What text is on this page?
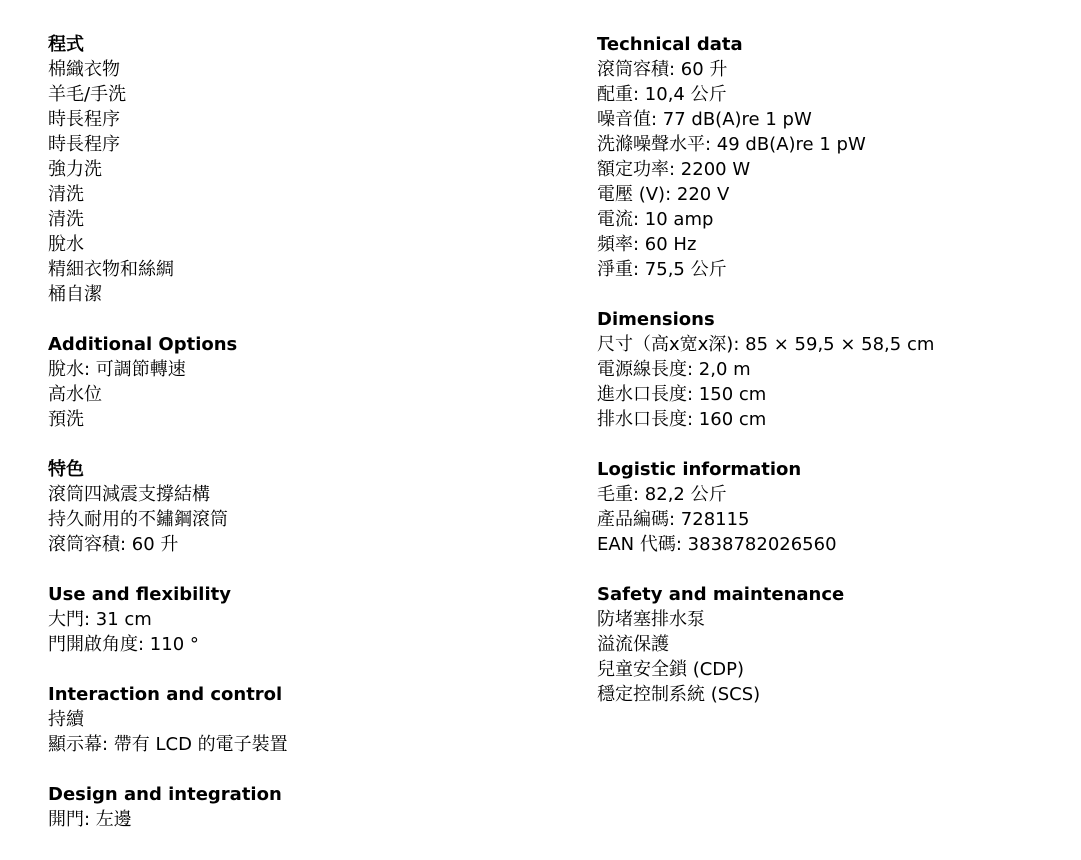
程式
棉織衣物
羊毛/手洗
時長程序
時長程序
強力洗
清洗
清洗
脫水
精細衣物和絲綢
桶自潔
Additional Options
脫水: 可調節轉速
高水位
預洗
特色
滾筒四減震支撐結構
持久耐用的不鏽鋼滾筒
滾筒容積: 60 升
Use and flexibility
大門: 31 cm
門開啟角度: 110 °
Interaction and control
持續
顯示幕: 帶有 LCD 的電子裝置
Design and integration
開門: 左邊
Technical data
滾筒容積: 60 升
配重: 10,4 公斤
噪音值: 77 dB(A)re 1 pW
洗滌噪聲水平: 49 dB(A)re 1 pW
額定功率: 2200 W
電壓 (V): 220 V
電流: 10 amp
頻率: 60 Hz
淨重: 75,5 公斤
Dimensions
尺寸（高x宽x深): 85 × 59,5 × 58,5 cm
電源線長度: 2,0 m
進水口長度: 150 cm
排水口長度: 160 cm
Logistic information
毛重: 82,2 公斤
產品編碼: 728115
EAN 代碼: 3838782026560
Safety and maintenance
防堵塞排水泵
溢流保護
兒童安全鎖 (CDP)
穩定控制系統 (SCS)
